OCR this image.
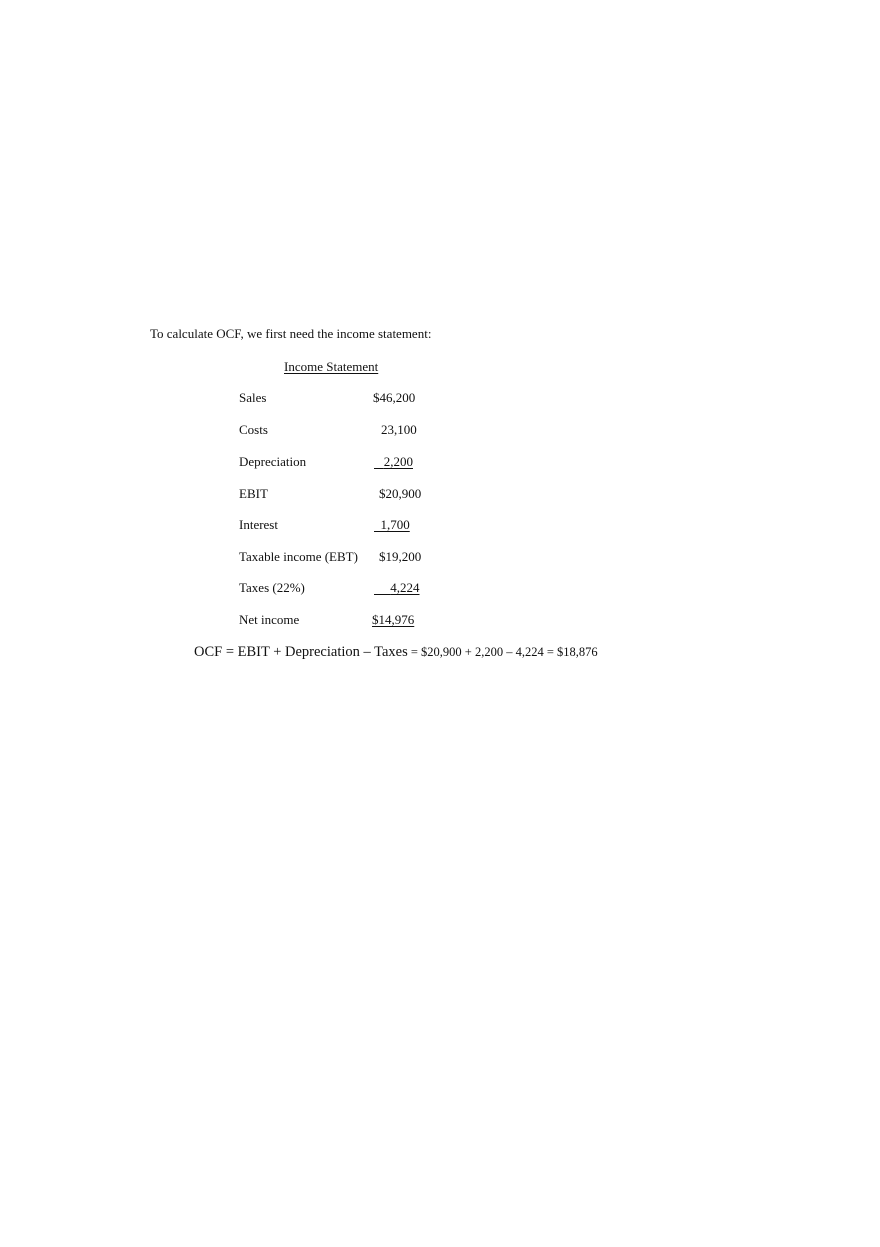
To calculate OCF, we first need the income statement:
Income Statement
Sales	$46,200
Costs	23,100
Depreciation	2,200
EBIT	$20,900
Interest	1,700
Taxable income (EBT) $19,200
Taxes (22%)	4,224
Net income	$14,976
OCF = EBIT + Depreciation – Taxes = $20,900 + 2,200 – 4,224 = $18,876
